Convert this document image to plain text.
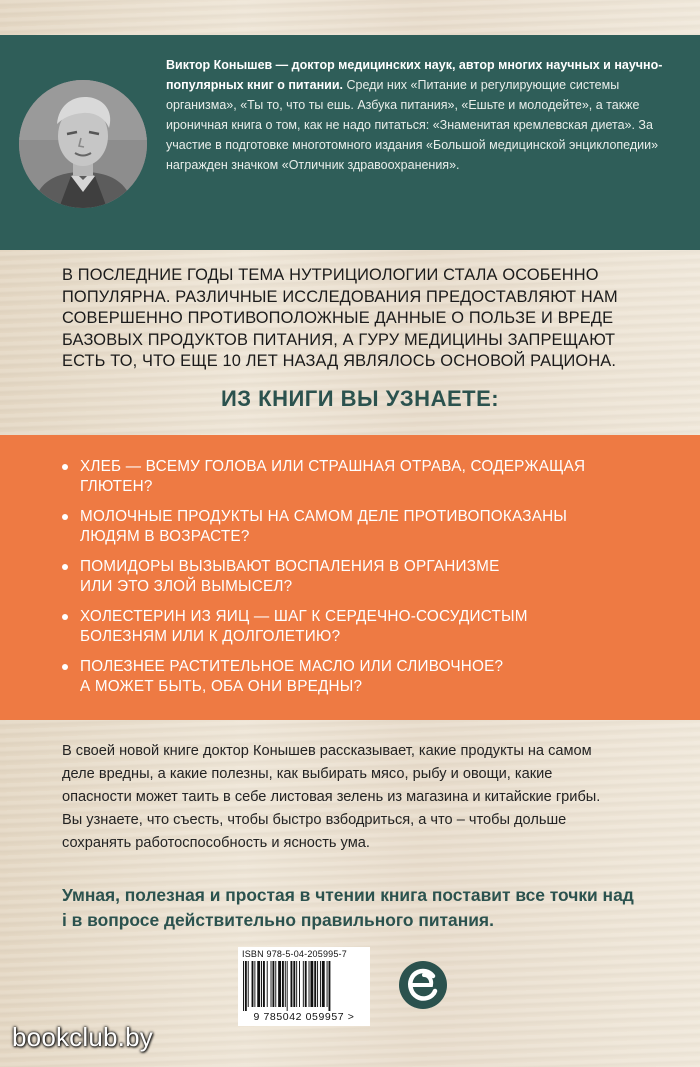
Виктор Конышев — доктор медицинских наук, автор многих научных и научно-популярных книг о питании. Среди них «Питание и регулирующие системы организма», «Ты то, что ты ешь. Азбука питания», «Ешьте и молодейте», а также ироничная книга о том, как не надо питаться: «Знаменитая кремлевская диета». За участие в подготовке многотомного издания «Большой медицинской энциклопедии» награжден значком «Отличник здравоохранения».

В ПОСЛЕДНИЕ ГОДЫ ТЕМА НУТРИЦИОЛОГИИ СТАЛА ОСОБЕННО ПОПУЛЯРНА. РАЗЛИЧНЫЕ ИССЛЕДОВАНИЯ ПРЕДОСТАВЛЯЮТ НАМ СОВЕРШЕННО ПРОТИВОПОЛОЖНЫЕ ДАННЫЕ О ПОЛЬЗЕ И ВРЕДЕ БАЗОВЫХ ПРОДУКТОВ ПИТАНИЯ, А ГУРУ МЕДИЦИНЫ ЗАПРЕЩАЮТ ЕСТЬ ТО, ЧТО ЕЩЕ 10 ЛЕТ НАЗАД ЯВЛЯЛОСЬ ОСНОВОЙ РАЦИОНА.

ИЗ КНИГИ ВЫ УЗНАЕТЕ:
ХЛЕБ — ВСЕМУ ГОЛОВА ИЛИ СТРАШНАЯ ОТРАВА, СОДЕРЖАЩАЯ
ГЛЮТЕН?
МОЛОЧНЫЕ ПРОДУКТЫ НА САМОМ ДЕЛЕ ПРОТИВОПОКАЗАНЫ
ЛЮДЯМ В ВОЗРАСТЕ?
ПОМИДОРЫ ВЫЗЫВАЮТ ВОСПАЛЕНИЯ В ОРГАНИЗМЕ
ИЛИ ЭТО ЗЛОЙ ВЫМЫСЕЛ?
ХОЛЕСТЕРИН ИЗ ЯИЦ — ШАГ К СЕРДЕЧНО-СОСУДИСТЫМ
БОЛЕЗНЯМ ИЛИ К ДОЛГОЛЕТИЮ?
ПОЛЕЗНЕЕ РАСТИТЕЛЬНОЕ МАСЛО ИЛИ СЛИВОЧНОЕ?
А МОЖЕТ БЫТЬ, ОБА ОНИ ВРЕДНЫ?

В своей новой книге доктор Конышев рассказывает, какие продукты на самом деле вредны, а какие полезны, как выбирать мясо, рыбу и овощи, какие опасности может таить в себе листовая зелень из магазина и китайские грибы. Вы узнаете, что съесть, чтобы быстро взбодриться, а что – чтобы дольше сохранять работоспособность и ясность ума.

Умная, полезная и простая в чтении книга поставит все точки над i в вопросе действительно правильного питания.

ISBN 978-5-04-205995-7
9 785042 059957 >
bookclub.by
